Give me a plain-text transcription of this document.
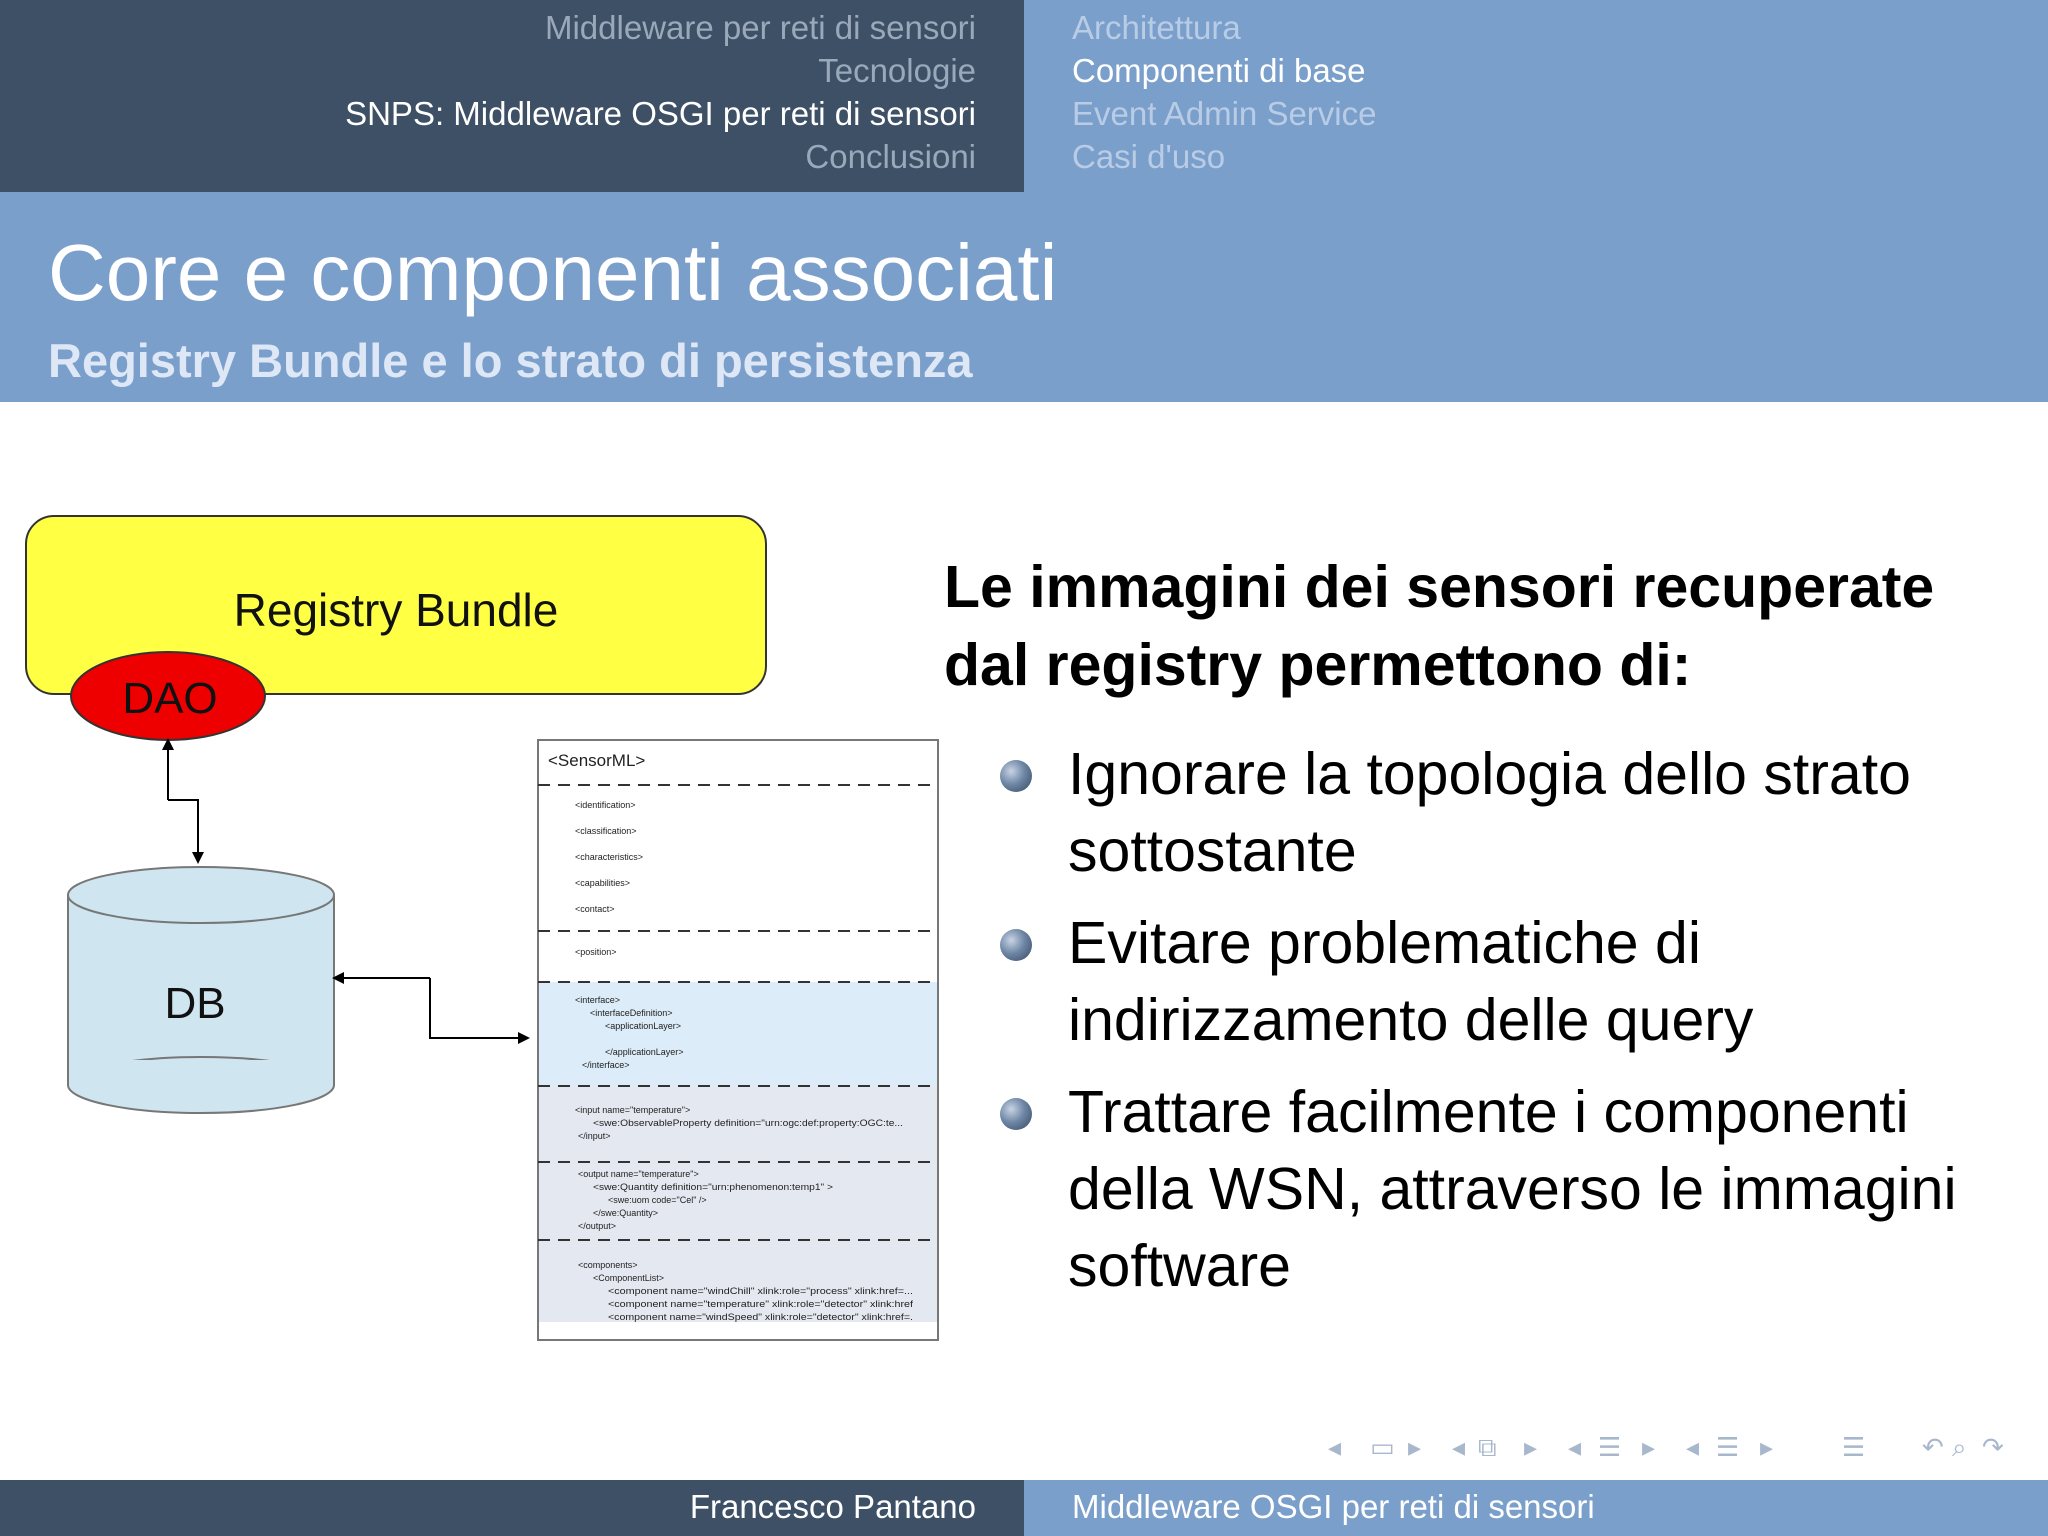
Middleware per reti di sensori
Tecnologie
SNPS: Middleware OSGI per reti di sensori
Conclusioni
Architettura
Componenti di base
Event Admin Service
Casi d'uso
Core e componenti associati
Registry Bundle e lo strato di persistenza
Registry Bundle
DAO
DB
<SensorML>
<identification>
<classification>
<characteristics>
<capabilities>
<contact>
<position>
<interface>
<interfaceDefinition>
<applicationLayer>
</applicationLayer>
</interface>
<input name="temperature">
<swe:ObservableProperty definition="urn:ogc:def:property:OGC:te...
</input>
<output name="temperature">
<swe:Quantity definition="urn:phenomenon:temp1" >
<swe:uom code="Cel" />
</swe:Quantity>
</output>
<components>
<ComponentList>
<component name="windChill" xlink:role="process" xlink:href=...
<component name="temperature" xlink:role="detector" xlink:href
<component name="windSpeed" xlink:role="detector" xlink:href=.

Le immagini dei sensori recuperate dal registry permettono di:

Ignorare la topologia dello strato sottostante
Evitare problematiche di indirizzamento delle query
Trattare facilmente i componenti della WSN, attraverso le immagini software
◂ ▭ ▸ ◂ ⧉ ▸ ◂ ☰ ▸ ◂ ☰ ▸	☰ ↶ ⌕ ↷
Francesco Pantano	Middleware OSGI per reti di sensori
